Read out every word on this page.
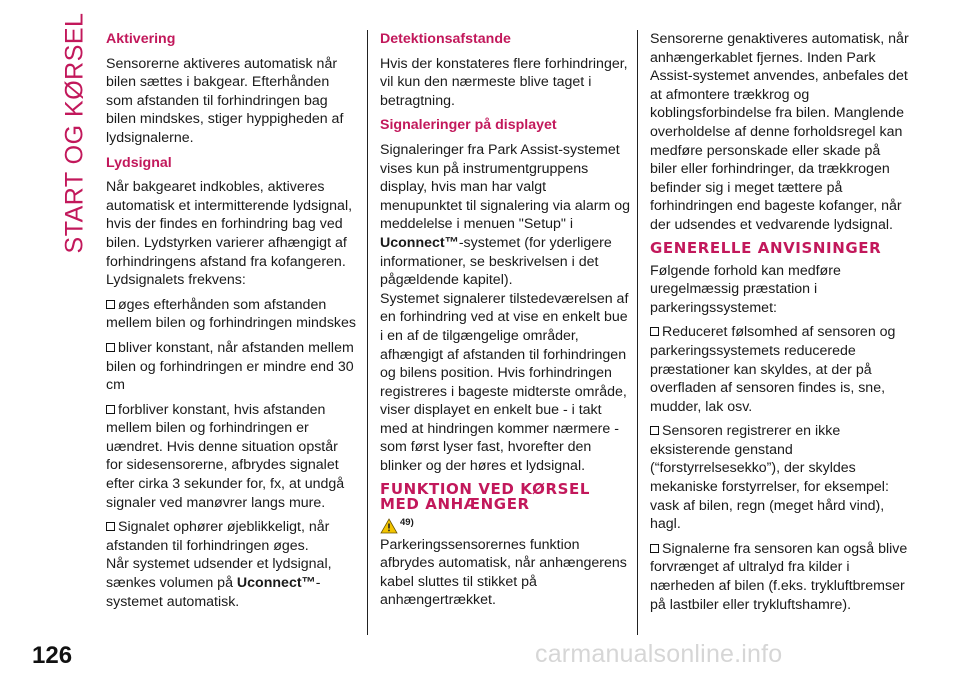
START OG KØRSEL Aktivering

Sensorerne aktiveres automatisk når bilen sættes i bakgear. Efterhånden som afstanden til forhindringen bag bilen mindskes, stiger hyppigheden af lydsignalerne.

Lydsignal

Når bakgearet indkobles, aktiveres automatisk et intermitterende lydsignal, hvis der findes en forhindring bag ved bilen. Lydstyrken varierer afhængigt af forhindringens afstand fra kofangeren.

Lydsignalets frekvens:

øges efterhånden som afstanden mellem bilen og forhindringen mindskes
bliver konstant, når afstanden mellem bilen og forhindringen er mindre end 30 cm
forbliver konstant, hvis afstanden mellem bilen og forhindringen er uændret. Hvis denne situation opstår for sidesensorerne, afbrydes signalet efter cirka 3 sekunder for, fx, at undgå signaler ved manøvrer langs mure.
Signalet ophører øjeblikkeligt, når afstanden til forhindringen øges.

Når systemet udsender et lydsignal, sænkes volumen på Uconnect™-systemet automatisk.

Detektionsafstande

Hvis der konstateres flere forhindringer, vil kun den nærmeste blive taget i betragtning.

Signaleringer på displayet

Signaleringer fra Park Assist-systemet vises kun på instrumentgruppens display, hvis man har valgt menupunktet til signalering via alarm og meddelelse i menuen "Setup" i Uconnect™-systemet (for yderligere informationer, se beskrivelsen i det pågældende kapitel).

Systemet signalerer tilstedeværelsen af en forhindring ved at vise en enkelt bue i en af de tilgængelige områder, afhængigt af afstanden til forhindringen og bilens position. Hvis forhindringen registreres i bageste midterste område, viser displayet en enkelt bue - i takt med at hindringen kommer nærmere - som først lyser fast, hvorefter den blinker og der høres et lydsignal.

FUNKTION VED KØRSEL MED ANHÆNGER
49)

Parkeringssensorernes funktion afbrydes automatisk, når anhængerens kabel sluttes til stikket på anhængertrækket.

Sensorerne genaktiveres automatisk, når anhængerkablet fjernes. Inden Park Assist-systemet anvendes, anbefales det at afmontere trækkrog og koblingsforbindelse fra bilen. Manglende overholdelse af denne forholdsregel kan medføre personskade eller skade på biler eller forhindringer, da trækkrogen befinder sig i meget tættere på forhindringen end bageste kofanger, når der udsendes et vedvarende lydsignal.

GENERELLE ANVISNINGER

Følgende forhold kan medføre uregelmæssig præstation i parkeringssystemet:

Reduceret følsomhed af sensoren og parkeringssystemets reducerede præstationer kan skyldes, at der på overfladen af sensoren findes is, sne, mudder, lak osv.
Sensoren registrerer en ikke eksisterende genstand (“forstyrrelsesekko”), der skyldes mekaniske forstyrrelser, for eksempel: vask af bilen, regn (meget hård vind), hagl.
Signalerne fra sensoren kan også blive forvrænget af ultralyd fra kilder i nærheden af bilen (f.eks. trykluftbremser på lastbiler eller trykluftshamre).
126	carmanualsonline.info
